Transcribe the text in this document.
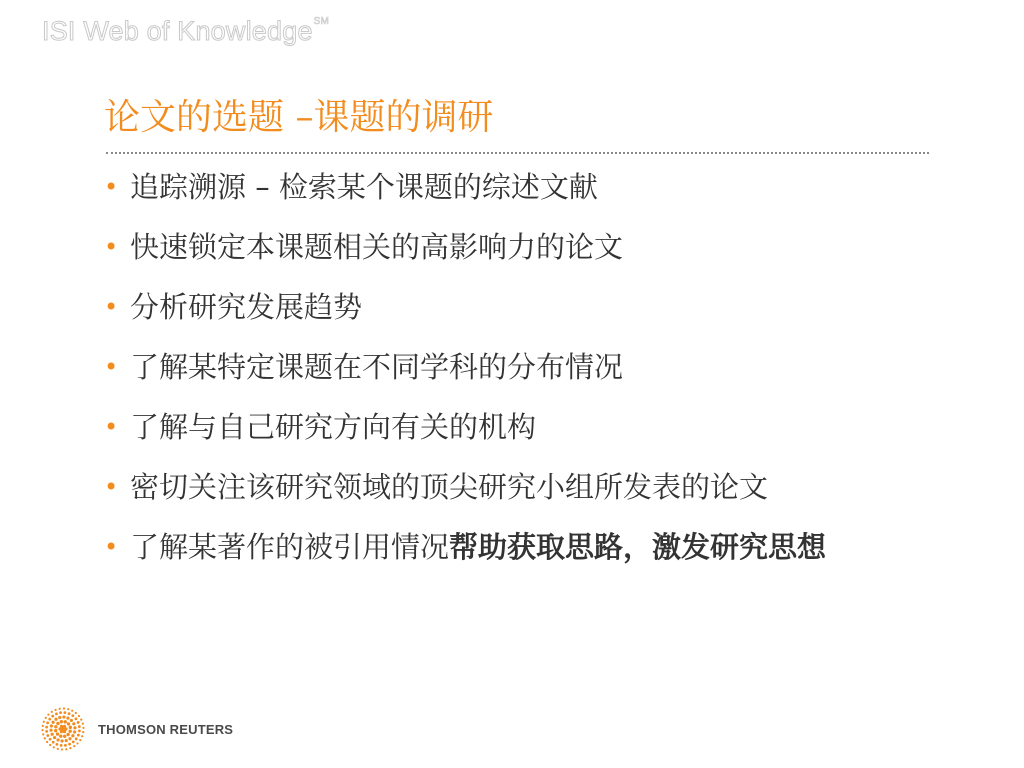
ISI Web of Knowledge℠
论文的选题 –课题的调研
• 追踪溯源 – 检索某个课题的综述文献
• 快速锁定本课题相关的高影响力的论文
• 分析研究发展趋势
• 了解某特定课题在不同学科的分布情况
• 了解与自己研究方向有关的机构
• 密切关注该研究领域的顶尖研究小组所发表的论文
• 了解某著作的被引用情况帮助获取思路，激发研究思想
THOMSON REUTERS
